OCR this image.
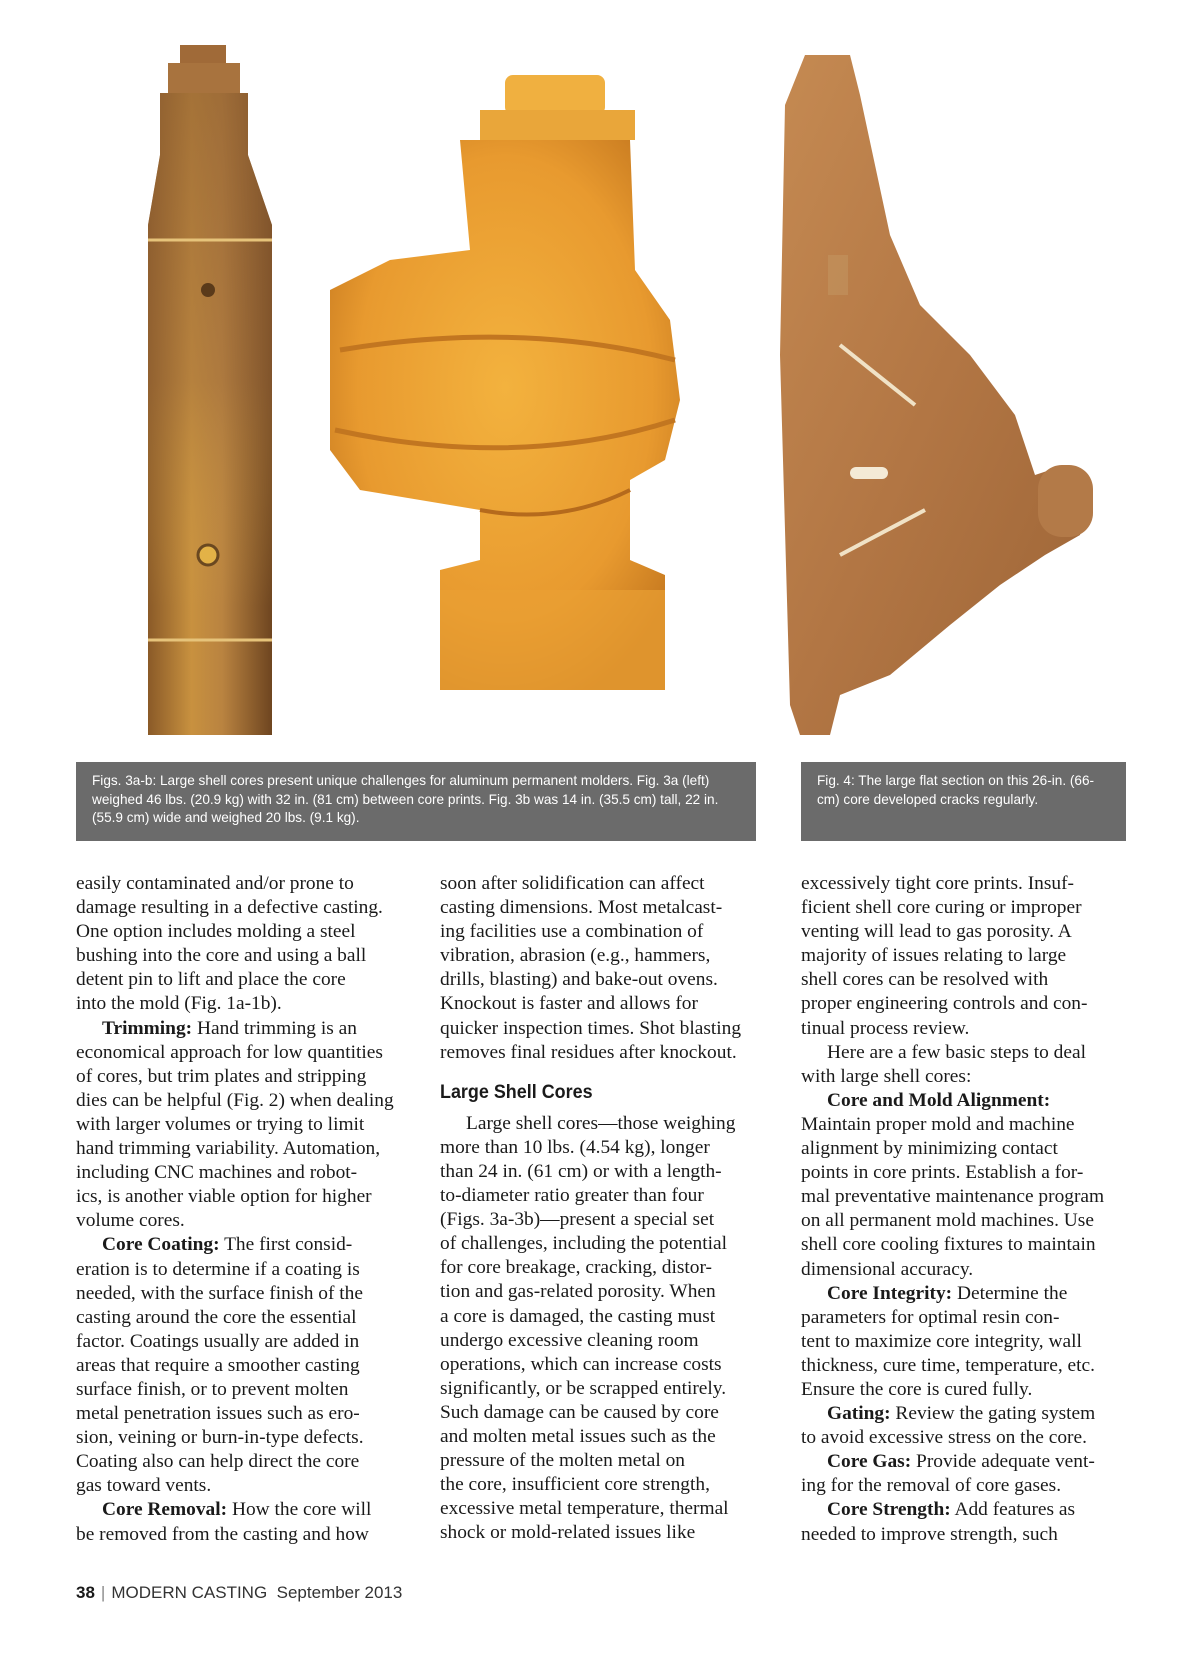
Figs. 3a-b: Large shell cores present unique challenges for aluminum permanent molders. Fig. 3a (left) weighed 46 lbs. (20.9 kg) with 32 in. (81 cm) between core prints. Fig. 3b was 14 in. (35.5 cm) tall, 22 in. (55.9 cm) wide and weighed 20 lbs. (9.1 kg).
Fig. 4: The large flat section on this 26-in. (66-cm) core developed cracks regularly.

easily contaminated and/or prone to
damage resulting in a defective casting.
One option includes molding a steel
bushing into the core and using a ball
detent pin to lift and place the core
into the mold (Fig. 1a-1b).

Trimming: Hand trimming is an

economical approach for low quantities
of cores, but trim plates and stripping
dies can be helpful (Fig. 2) when dealing
with larger volumes or trying to limit
hand trimming variability. Automation,
including CNC machines and robot-
ics, is another viable option for higher
volume cores.

Core Coating: The first consid-

eration is to determine if a coating is
needed, with the surface finish of the
casting around the core the essential
factor. Coatings usually are added in
areas that require a smoother casting
surface finish, or to prevent molten
metal penetration issues such as ero-
sion, veining or burn-in-type defects.
Coating also can help direct the core
gas toward vents.

Core Removal: How the core will

be removed from the casting and how

soon after solidification can affect
casting dimensions. Most metalcast-
ing facilities use a combination of
vibration, abrasion (e.g., hammers,
drills, blasting) and bake-out ovens.
Knockout is faster and allows for
quicker inspection times. Shot blasting
removes final residues after knockout.

Large Shell Cores

Large shell cores—those weighing

more than 10 lbs. (4.54 kg), longer
than 24 in. (61 cm) or with a length-
to-diameter ratio greater than four
(Figs. 3a-3b)—present a special set
of challenges, including the potential
for core breakage, cracking, distor-
tion and gas-related porosity. When
a core is damaged, the casting must
undergo excessive cleaning room
operations, which can increase costs
significantly, or be scrapped entirely.
Such damage can be caused by core
and molten metal issues such as the
pressure of the molten metal on
the core, insufficient core strength,
excessive metal temperature, thermal
shock or mold-related issues like

excessively tight core prints. Insuf-
ficient shell core curing or improper
venting will lead to gas porosity. A
majority of issues relating to large
shell cores can be resolved with
proper engineering controls and con-
tinual process review.

Here are a few basic steps to deal

with large shell cores:

Core and Mold Alignment:

Maintain proper mold and machine
alignment by minimizing contact
points in core prints. Establish a for-
mal preventative maintenance program
on all permanent mold machines. Use
shell core cooling fixtures to maintain
dimensional accuracy.

Core Integrity: Determine the

parameters for optimal resin con-
tent to maximize core integrity, wall
thickness, cure time, temperature, etc.
Ensure the core is cured fully.

Gating: Review the gating system

to avoid excessive stress on the core.

Core Gas: Provide adequate vent-

ing for the removal of core gases.

Core Strength: Add features as

needed to improve strength, such

38 | MODERN CASTING September 2013
